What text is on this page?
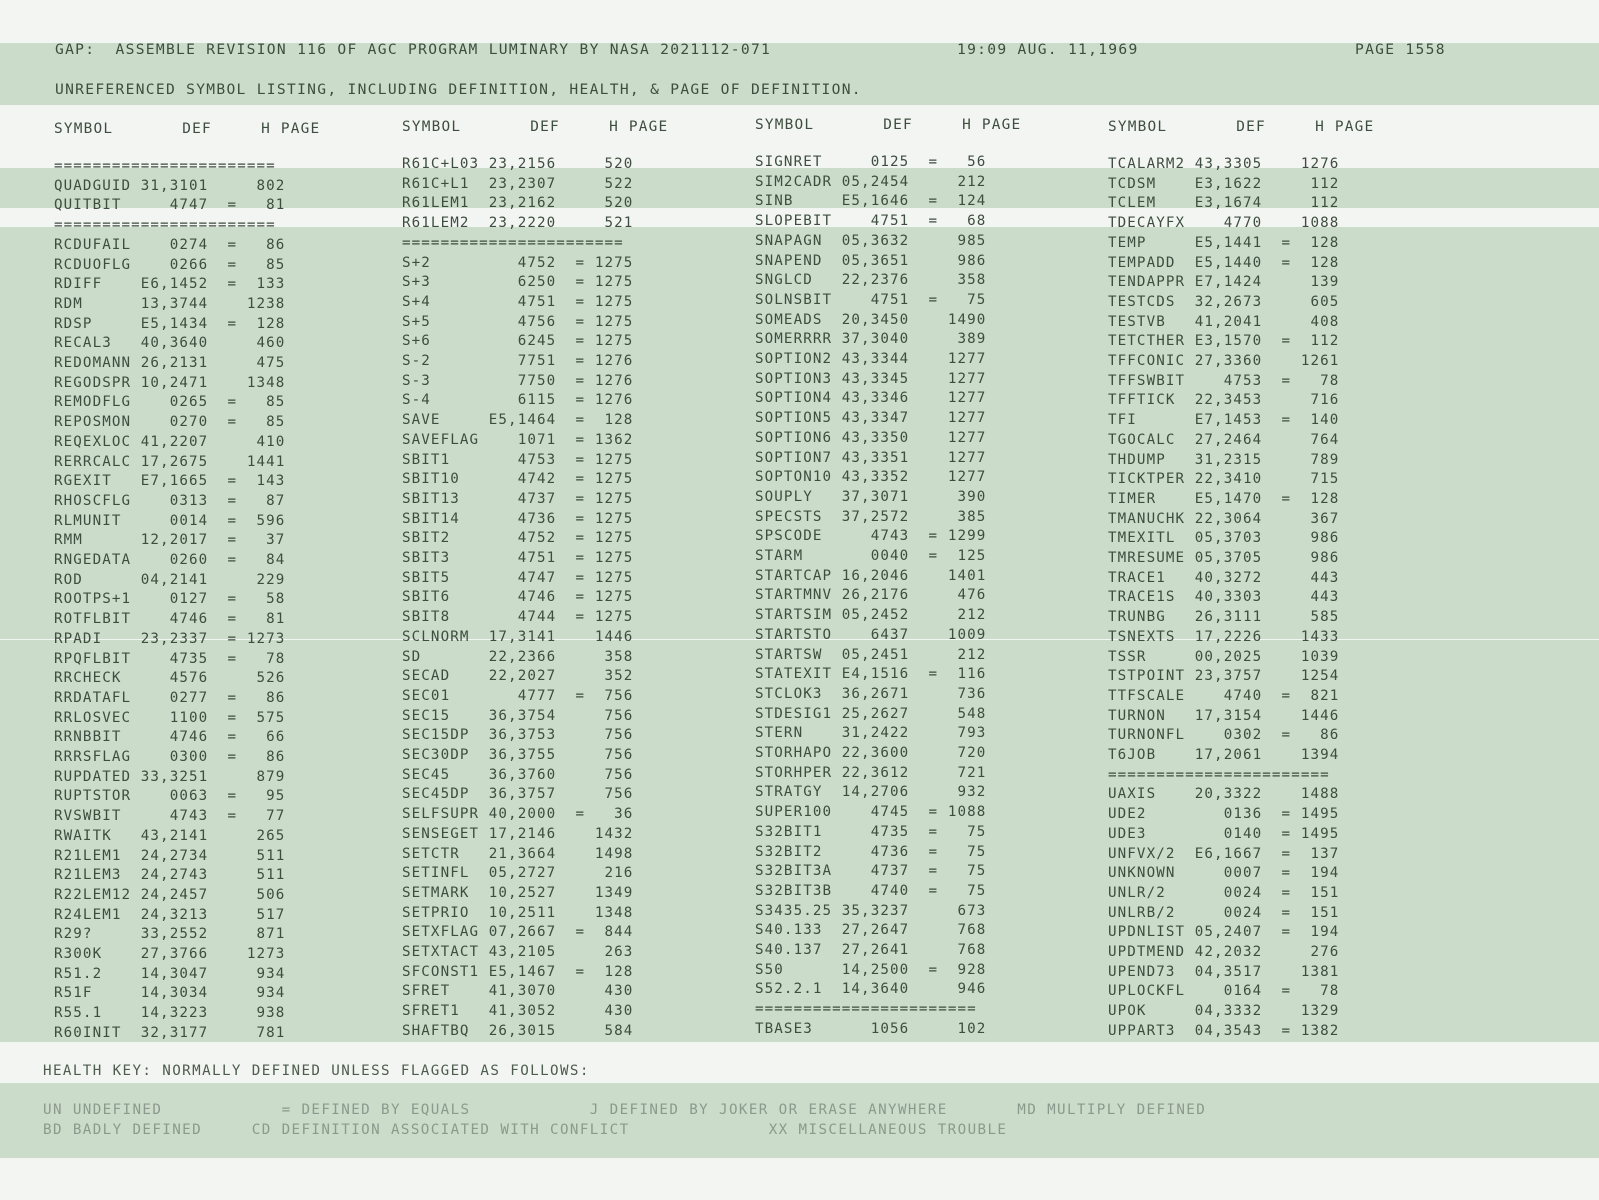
GAP:  ASSEMBLE REVISION 116 OF AGC PROGRAM LUMINARY BY NASA 2021112-071	19:09 AUG. 11,1969	PAGE 1558
UNREFERENCED SYMBOL LISTING, INCLUDING DEFINITION, HEALTH, & PAGE OF DEFINITION.
SYMBOL       DEF     H PAGE	SYMBOL       DEF     H PAGE	SYMBOL       DEF     H PAGE	SYMBOL       DEF     H PAGE
=======================
QUADGUID 31,3101     802
QUITBIT     4747  =   81
=======================
RCDUFAIL    0274  =   86
RCDUOFLG    0266  =   85
RDIFF    E6,1452  =  133
RDM      13,3744    1238
RDSP     E5,1434  =  128
RECAL3   40,3640     460
REDOMANN 26,2131     475
REGODSPR 10,2471    1348
REMODFLG    0265  =   85
REPOSMON    0270  =   85
REQEXLOC 41,2207     410
RERRCALC 17,2675    1441
RGEXIT   E7,1665  =  143
RHOSCFLG    0313  =   87
RLMUNIT     0014  =  596
RMM      12,2017  =   37
RNGEDATA    0260  =   84
ROD      04,2141     229
ROOTPS+1    0127  =   58
ROTFLBIT    4746  =   81
RPADI    23,2337  = 1273
RPQFLBIT    4735  =   78
RRCHECK     4576     526
RRDATAFL    0277  =   86
RRLOSVEC    1100  =  575
RRNBBIT     4746  =   66
RRRSFLAG    0300  =   86
RUPDATED 33,3251     879
RUPTSTOR    0063  =   95
RVSWBIT     4743  =   77
RWAITK   43,2141     265
R21LEM1  24,2734     511
R21LEM3  24,2743     511
R22LEM12 24,2457     506
R24LEM1  24,3213     517
R29?     33,2552     871
R300K    27,3766    1273
R51.2    14,3047     934
R51F     14,3034     934
R55.1    14,3223     938
R60INIT  32,3177     781
R61C+L03 23,2156     520
R61C+L1  23,2307     522
R61LEM1  23,2162     520
R61LEM2  23,2220     521
=======================
S+2         4752  = 1275
S+3         6250  = 1275
S+4         4751  = 1275
S+5         4756  = 1275
S+6         6245  = 1275
S-2         7751  = 1276
S-3         7750  = 1276
S-4         6115  = 1276
SAVE     E5,1464  =  128
SAVEFLAG    1071  = 1362
SBIT1       4753  = 1275
SBIT10      4742  = 1275
SBIT13      4737  = 1275
SBIT14      4736  = 1275
SBIT2       4752  = 1275
SBIT3       4751  = 1275
SBIT5       4747  = 1275
SBIT6       4746  = 1275
SBIT8       4744  = 1275
SCLNORM  17,3141    1446
SD       22,2366     358
SECAD    22,2027     352
SEC01       4777  =  756
SEC15    36,3754     756
SEC15DP  36,3753     756
SEC30DP  36,3755     756
SEC45    36,3760     756
SEC45DP  36,3757     756
SELFSUPR 40,2000  =   36
SENSEGET 17,2146    1432
SETCTR   21,3664    1498
SETINFL  05,2727     216
SETMARK  10,2527    1349
SETPRIO  10,2511    1348
SETXFLAG 07,2667  =  844
SETXTACT 43,2105     263
SFCONST1 E5,1467  =  128
SFRET    41,3070     430
SFRET1   41,3052     430
SHAFTBQ  26,3015     584
SIGNRET     0125  =   56
SIM2CADR 05,2454     212
SINB     E5,1646  =  124
SLOPEBIT    4751  =   68
SNAPAGN  05,3632     985
SNAPEND  05,3651     986
SNGLCD   22,2376     358
SOLNSBIT    4751  =   75
SOMEADS  20,3450    1490
SOMERRRR 37,3040     389
SOPTION2 43,3344    1277
SOPTION3 43,3345    1277
SOPTION4 43,3346    1277
SOPTION5 43,3347    1277
SOPTION6 43,3350    1277
SOPTION7 43,3351    1277
SOPTON10 43,3352    1277
SOUPLY   37,3071     390
SPECSTS  37,2572     385
SPSCODE     4743  = 1299
STARM       0040  =  125
STARTCAP 16,2046    1401
STARTMNV 26,2176     476
STARTSIM 05,2452     212
STARTSTO    6437    1009
STARTSW  05,2451     212
STATEXIT E4,1516  =  116
STCLOK3  36,2671     736
STDESIG1 25,2627     548
STERN    31,2422     793
STORHAPO 22,3600     720
STORHPER 22,3612     721
STRATGY  14,2706     932
SUPER100    4745  = 1088
S32BIT1     4735  =   75
S32BIT2     4736  =   75
S32BIT3A    4737  =   75
S32BIT3B    4740  =   75
S3435.25 35,3237     673
S40.133  27,2647     768
S40.137  27,2641     768
S50      14,2500  =  928
S52.2.1  14,3640     946
=======================
TBASE3      1056     102
TCALARM2 43,3305    1276
TCDSM    E3,1622     112
TCLEM    E3,1674     112
TDECAYFX    4770    1088
TEMP     E5,1441  =  128
TEMPADD  E5,1440  =  128
TENDAPPR E7,1424     139
TESTCDS  32,2673     605
TESTVB   41,2041     408
TETCTHER E3,1570  =  112
TFFCONIC 27,3360    1261
TFFSWBIT    4753  =   78
TFFTICK  22,3453     716
TFI      E7,1453  =  140
TGOCALC  27,2464     764
THDUMP   31,2315     789
TICKTPER 22,3410     715
TIMER    E5,1470  =  128
TMANUCHK 22,3064     367
TMEXITL  05,3703     986
TMRESUME 05,3705     986
TRACE1   40,3272     443
TRACE1S  40,3303     443
TRUNBG   26,3111     585
TSNEXTS  17,2226    1433
TSSR     00,2025    1039
TSTPOINT 23,3757    1254
TTFSCALE    4740  =  821
TURNON   17,3154    1446
TURNONFL    0302  =   86
T6JOB    17,2061    1394
=======================
UAXIS    20,3322    1488
UDE2        0136  = 1495
UDE3        0140  = 1495
UNFVX/2  E6,1667  =  137
UNKNOWN     0007  =  194
UNLR/2      0024  =  151
UNLRB/2     0024  =  151
UPDNLIST 05,2407  =  194
UPDTMEND 42,2032     276
UPEND73  04,3517    1381
UPLOCKFL    0164  =   78
UPOK     04,3332    1329
UPPART3  04,3543  = 1382
HEALTH KEY: NORMALLY DEFINED UNLESS FLAGGED AS FOLLOWS:
UN UNDEFINED            = DEFINED BY EQUALS            J DEFINED BY JOKER OR ERASE ANYWHERE       MD MULTIPLY DEFINED
BD BADLY DEFINED     CD DEFINITION ASSOCIATED WITH CONFLICT              XX MISCELLANEOUS TROUBLE
